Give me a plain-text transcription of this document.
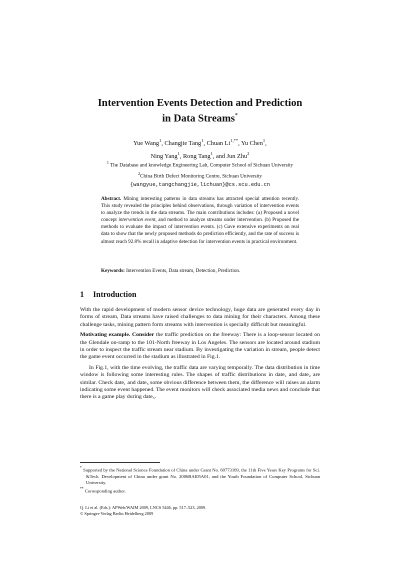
Intervention Events Detection and Prediction
in Data Streams*
Yue Wang$^1$, Changjie Tang$^1$, Chuan $Li^{1,**}$, Yu Chen$^1$,
Ning Yang$^1$, Rong Tang$^1$, and Jun Zhu$^2$
$^1$ The Database and knowledge Engineering Lab, Computer School of Sichuan University
$^2$China Birth Defect Monitoring Centre, Sichuan University
{wangyue,tangchangjie,lichuan}@cs.scu.edu.cn
Abstract. Mining interesting patterns in data streams has attracted special attention recently. This study revealed the principles behind observations, through variation of intervention events to analyze the trends in the data streams. The main contributions includes: (a) Proposed a novel concept intervention event, and method to analyze streams under intervention. (b) Proposed the methods to evaluate the impact of intervention events. (c) Gave extensive experiments on real data to show that the newly proposed methods do prediction efficiently, and the rate of success is almost reach 92.8% recall in adaptive detection for intervention events in practical environment.
Keywords: Intervention Events, Data stream, Detection, Prediction.
1 Introduction

With the rapid development of modern sensor device technology, huge data are generated every day in forms of stream, Data streams have raised challenges to data mining for their characters. Among these challenge tasks, mining pattern form streams with intervention is specially difficult but meaningful.

Motivating example. Consider the traffic prediction on the freeway: There is a loop-sensor located on the Glendale on-ramp to the 101-North freeway in Los Angeles. The sensors are located around stadium in order to inspect the traffic stream near stadium. By investigating the variation in stream, people detect the game event occurred in the stadium as illustrated in Fig.1.

In Fig.1, with the time evolving, the traffic data are varying temporally. The data distribution in time window is following some interesting rules. The shapes of traffic distributions in date₁ and date₂ are similar. Check date₁ and date₃ some obvious difference between them, the difference will raises an alarm indicating some event happened. The event monitors will check associated media news and conclude that there is a game play during date₃.

* Supported by the National Science Foundation of China under Grant No. 60773169, the 11th Five Years Key Programs for Sci. &Tech. Development of China under grant No. 2006BAI05A01, and the Youth Foundation of Computer School, Sichuan University.
** Corresponding author.
Q. Li et al. (Eds.): APWeb/WAIM 2009, LNCS 5446, pp. 517–523, 2009.
© Springer-Verlag Berlin Heidelberg 2009
